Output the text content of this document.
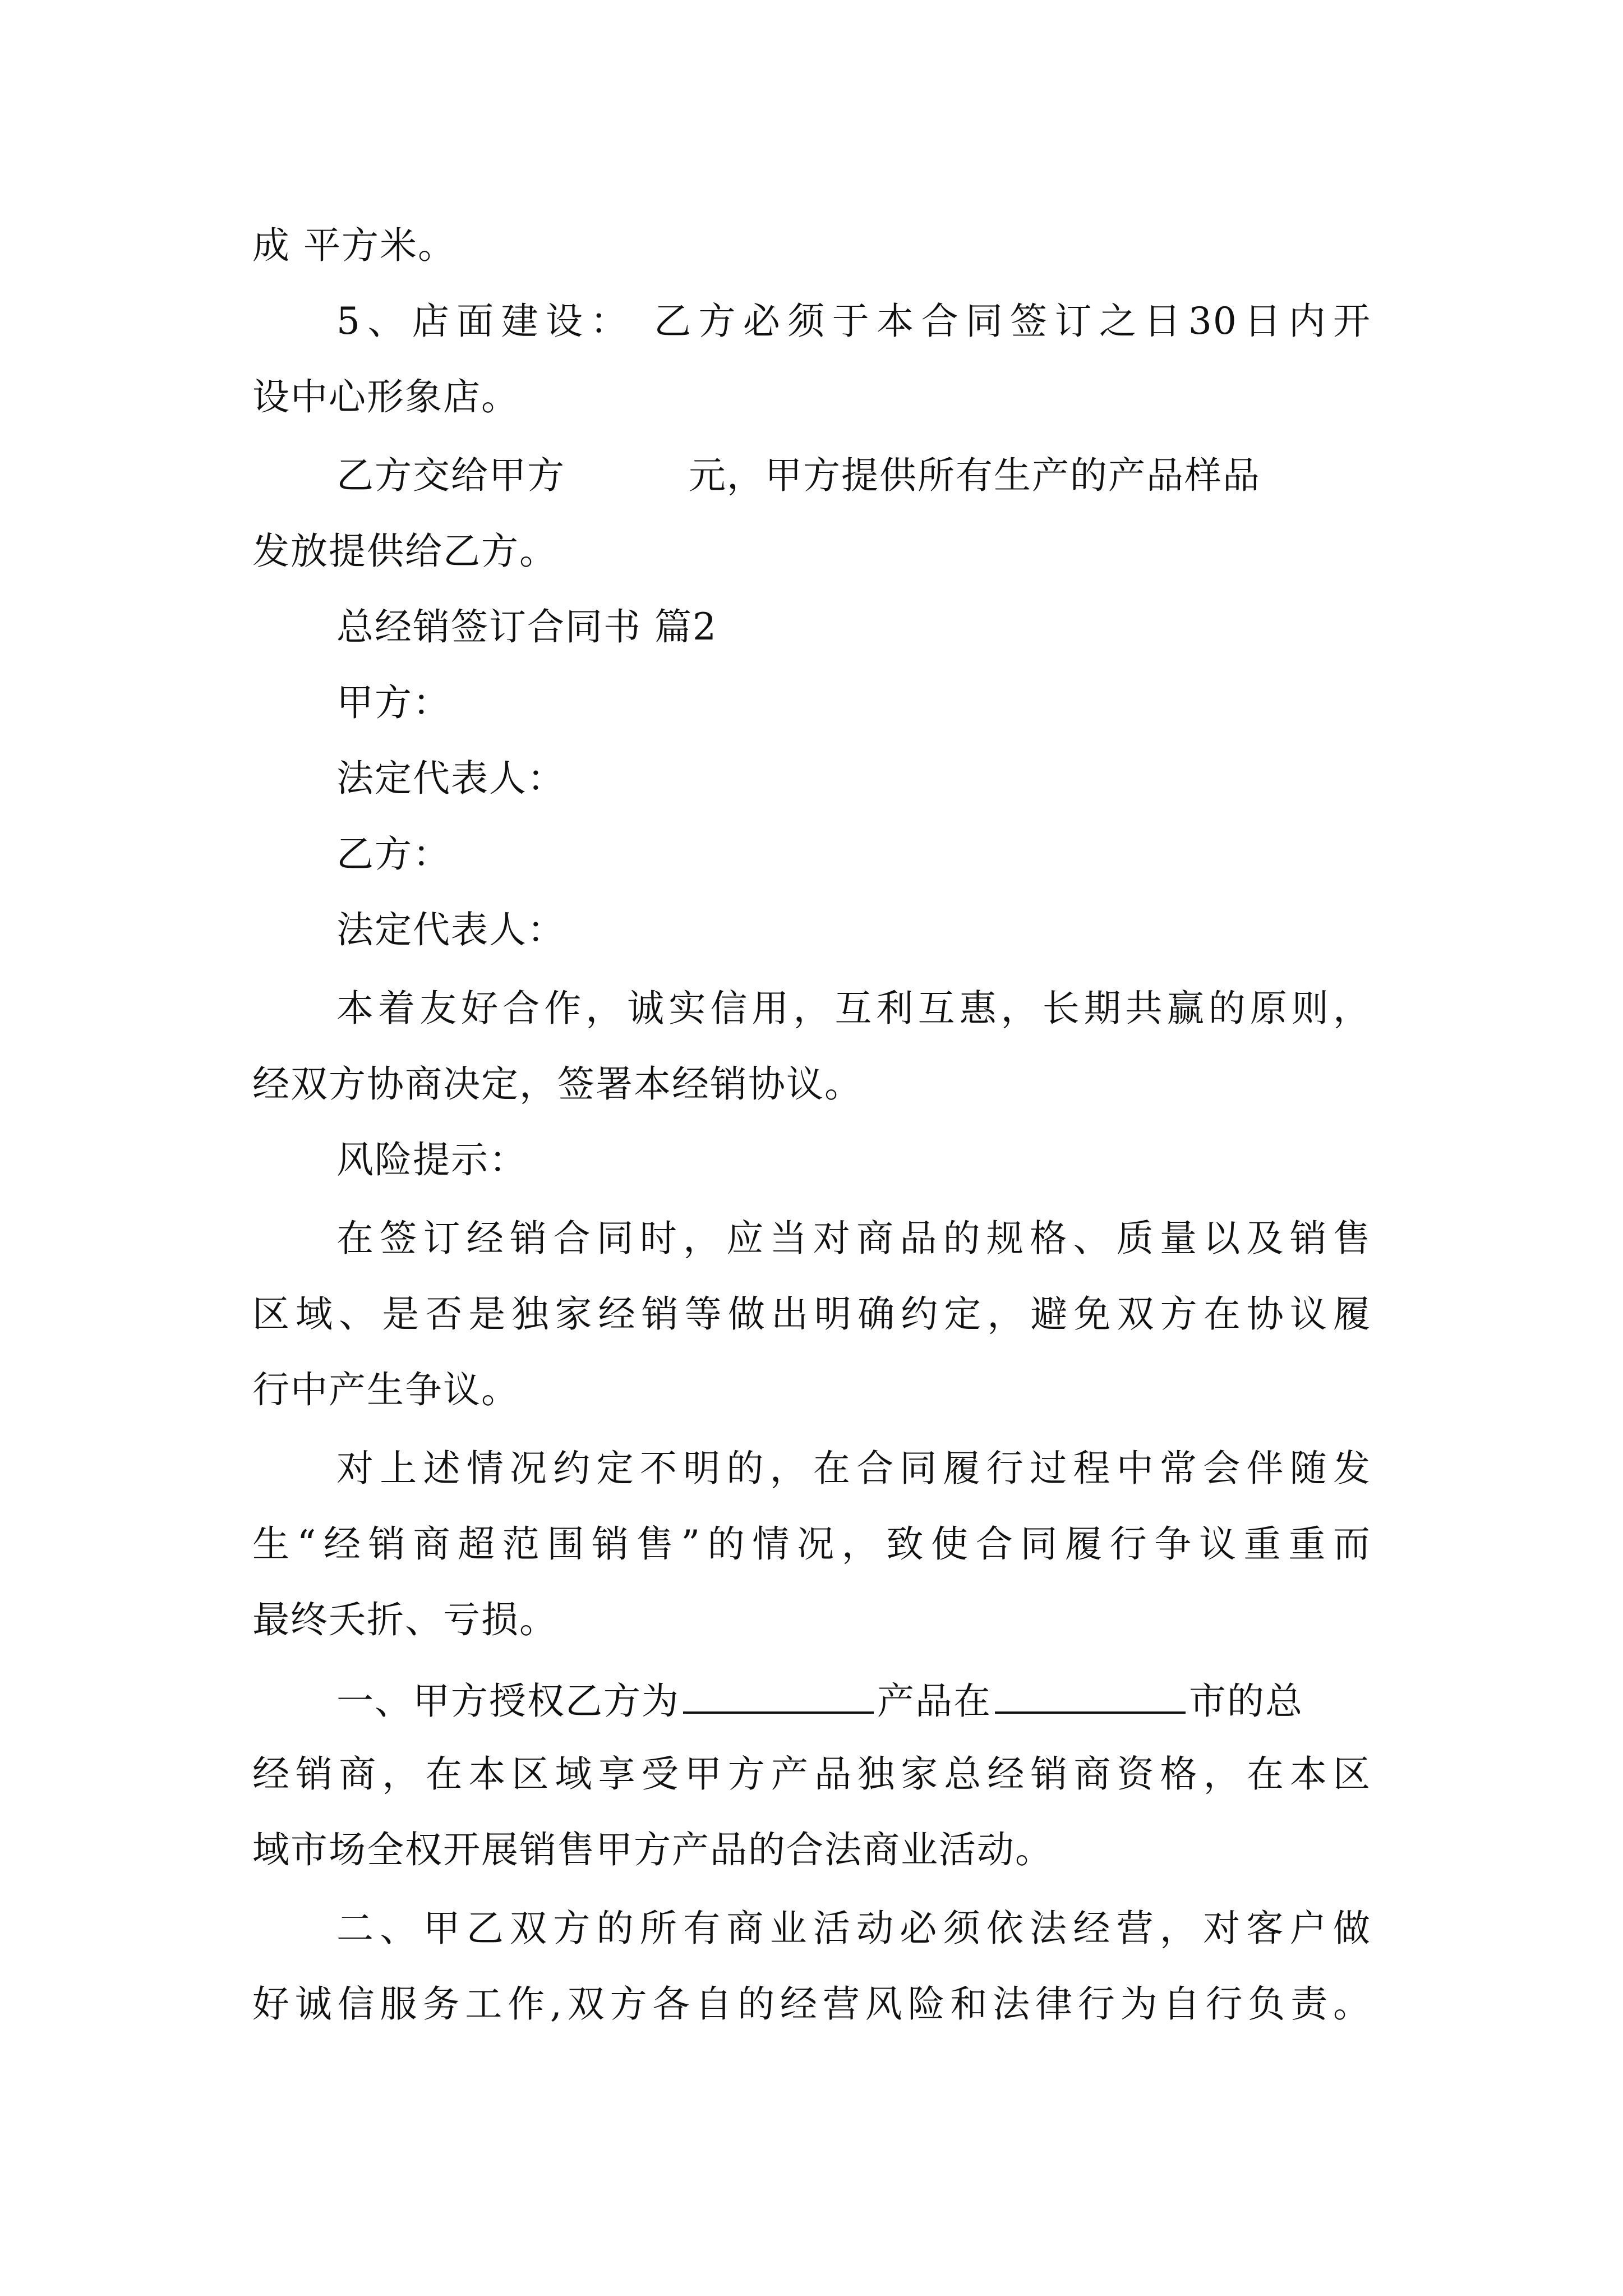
成 平方米。
5、店面建设： 乙方必须于本合同签订之日30日内开
设中心形象店。
乙方交给甲方	元，甲方提供所有生产的产品样品
发放提供给乙方。
总经销签订合同书 篇2
甲方：
法定代表人：
乙方：
法定代表人：
本着友好合作，诚实信用，互利互惠，长期共赢的原则，
经双方协商决定，签署本经销协议。
风险提示：
在签订经销合同时，应当对商品的规格、质量以及销售
区域、是否是独家经销等做出明确约定，避免双方在协议履
行中产生争议。
对上述情况约定不明的，在合同履行过程中常会伴随发
生“经销商超范围销售”的情况，致使合同履行争议重重而
最终夭折、亏损。
一、甲方授权乙方为	产品在	市的总
经销商，在本区域享受甲方产品独家总经销商资格，在本区
域市场全权开展销售甲方产品的合法商业活动。
二、甲乙双方的所有商业活动必须依法经营，对客户做
好诚信服务工作,双方各自的经营风险和法律行为自行负责。
